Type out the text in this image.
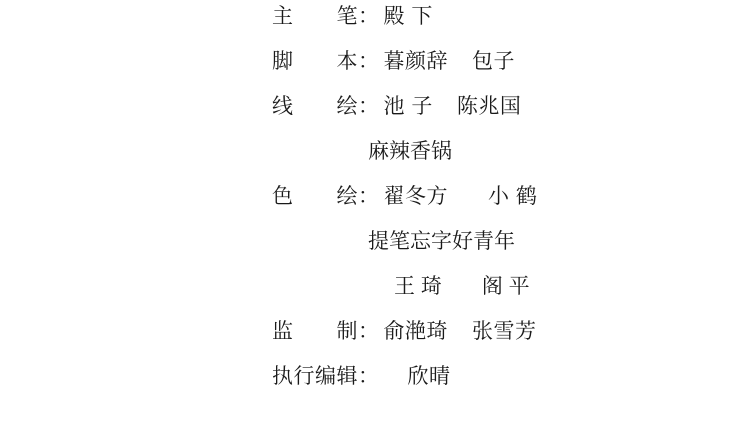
主 笔 ： 殿 下
脚 本 ： 暮颜辞 包子
线 绘 ： 池 子 陈兆国
麻辣香锅
色 绘 ： 翟冬方 小 鹤
提笔忘字好青年
王 琦 阁 平
监 制 ： 俞滟琦 张雪芳
执行编辑 ：	欣晴
